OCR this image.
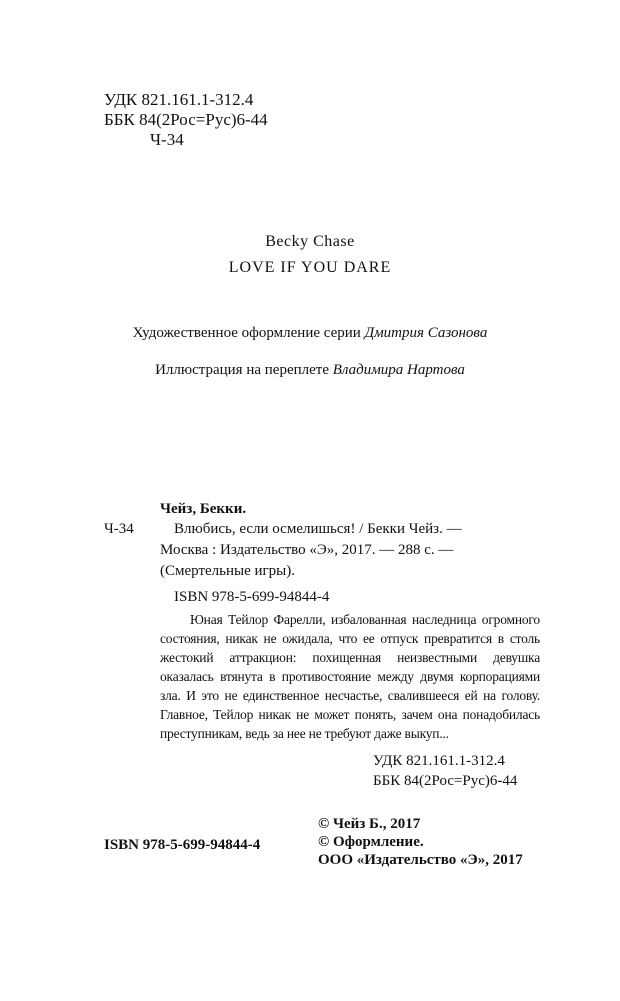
УДК 821.161.1-312.4
ББК 84(2Рос=Рус)6-44
Ч-34
Becky Chase
LOVE IF YOU DARE
Художественное оформление серии Дмитрия Сазонова
Иллюстрация на переплете Владимира Нартова
Чейз, Бекки.
Ч-34	Влюбись, если осмелишься! / Бекки Чейз. —
Москва : Издательство «Э», 2017. — 288 с. —
(Смертельные игры).
ISBN 978-5-699-94844-4
Юная Тейлор Фарелли, избалованная наследница огромного состояния, никак не ожидала, что ее отпуск превратится в столь жестокий аттракцион: похищенная неизвестными девушка оказалась втянута в противостояние между двумя корпорациями зла. И это не единственное несчастье, свалившееся ей на голову. Главное, Тейлор никак не может понять, зачем она понадобилась преступникам, ведь за нее не требуют даже выкуп...
УДК 821.161.1-312.4
ББК 84(2Рос=Рус)6-44
ISBN 978-5-699-94844-4
© Чейз Б., 2017
© Оформление.
ООО «Издательство «Э», 2017
